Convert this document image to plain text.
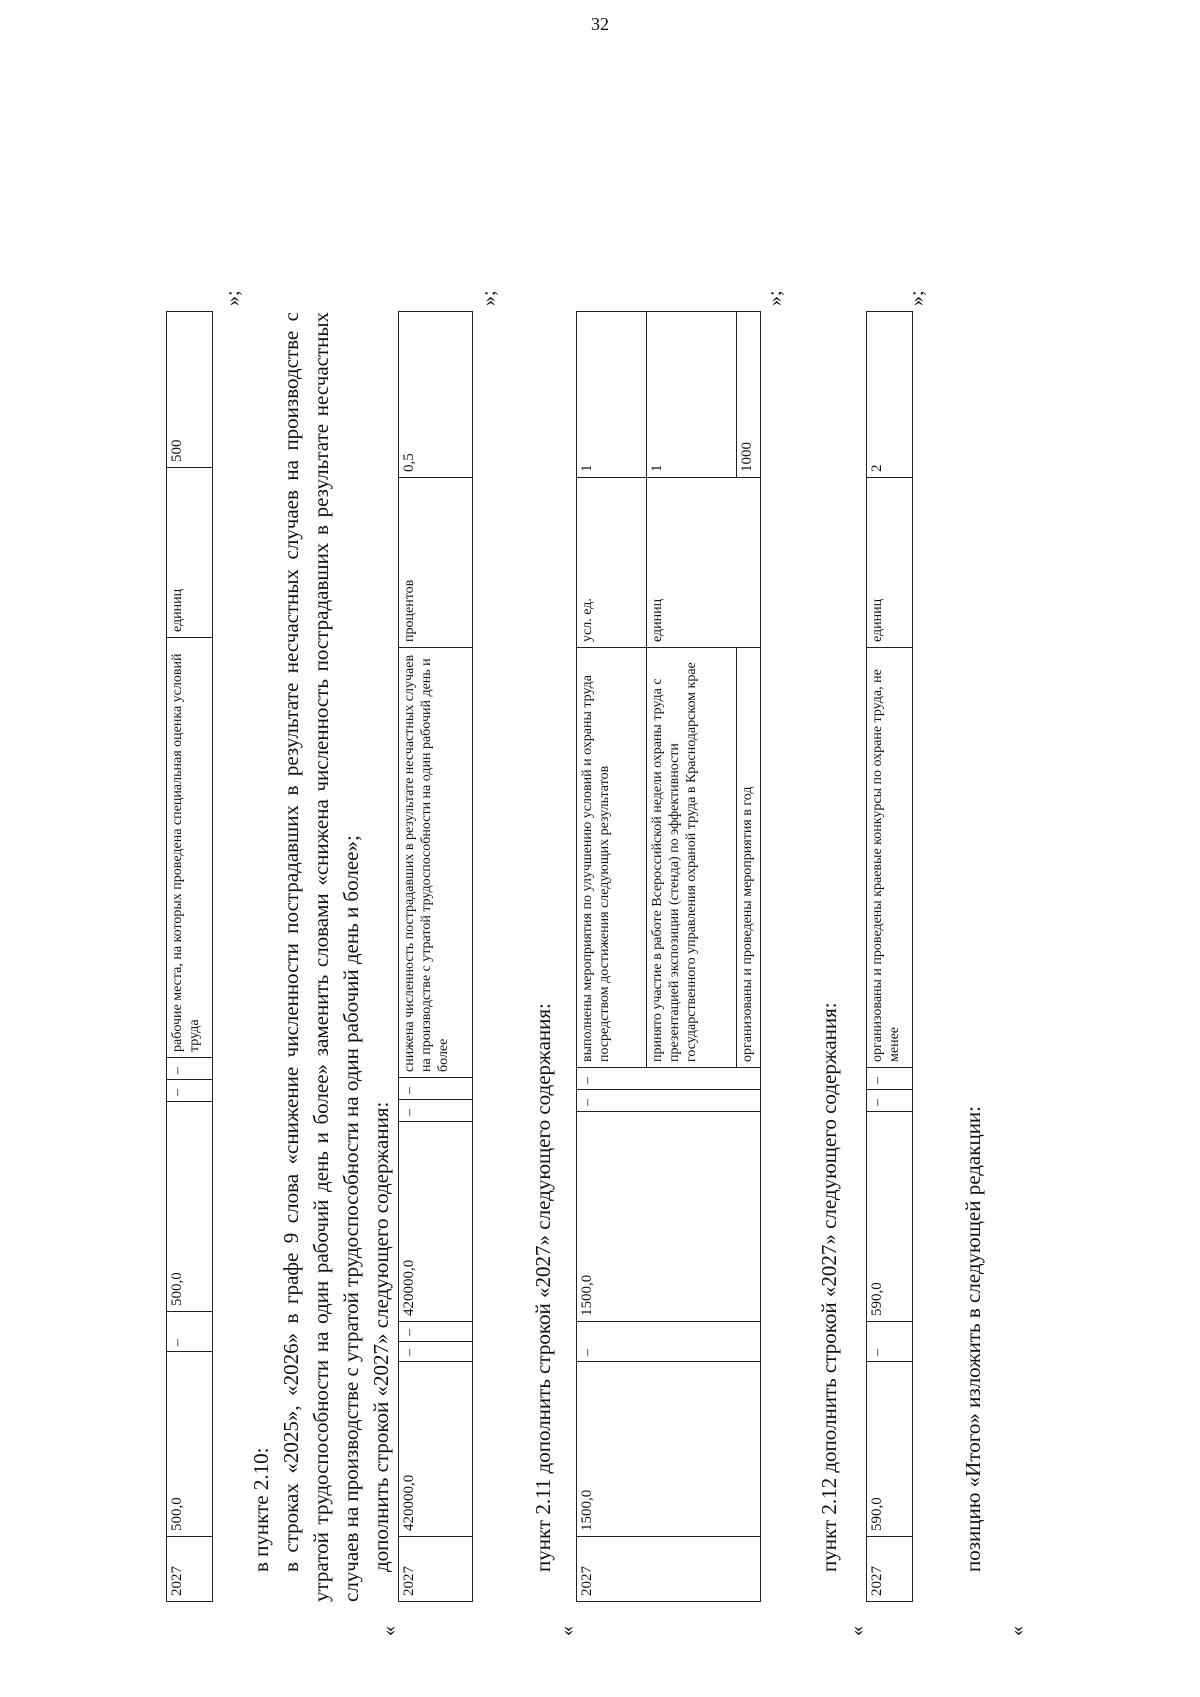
32
2027	500,0	–	500,0	–	–	рабочие места, на которых проведена специальная оценка условий труда	единиц	500
»;
в пункте 2.10: в строках «2025», «2026» в графе 9 слова «снижение численности пострадавших в результате несчастных случаев на производстве с утратой трудоспособности на один рабочий день и более» заменить словами «снижена численность пострадавших в результате несчастных случаев на производстве с утратой трудоспособности на один рабочий день и более»; дополнить строкой «2027» следующего содержания:
«
2027	420000,0	–	–	420000,0	–	–	снижена численность пострадавших в результате несчастных случаев на производстве с утратой трудоспособности на один рабочий день и более	процентов	0,5
»;
пункт 2.11 дополнить строкой «2027» следующего содержания:
«
2027	1500,0	–	1500,0	–	–	выполнены мероприятия по улучшению условий и охраны труда посредством достижения следующих результатов	усл. ед.	1
						принято участие в работе Всероссийской недели охраны труда с презентацией экспозиции (стенда) по эффективности государственного управления охраной труда в Краснодарском крае	единиц	1
						организованы и проведены мероприятия в год		1000
»;
пункт 2.12 дополнить строкой «2027» следующего содержания:
«
2027	590,0	–	590,0	–	–	организованы и проведены краевые конкурсы по охране труда, не менее	единиц	2
»;
позицию «Итого» изложить в следующей редакции:
«
